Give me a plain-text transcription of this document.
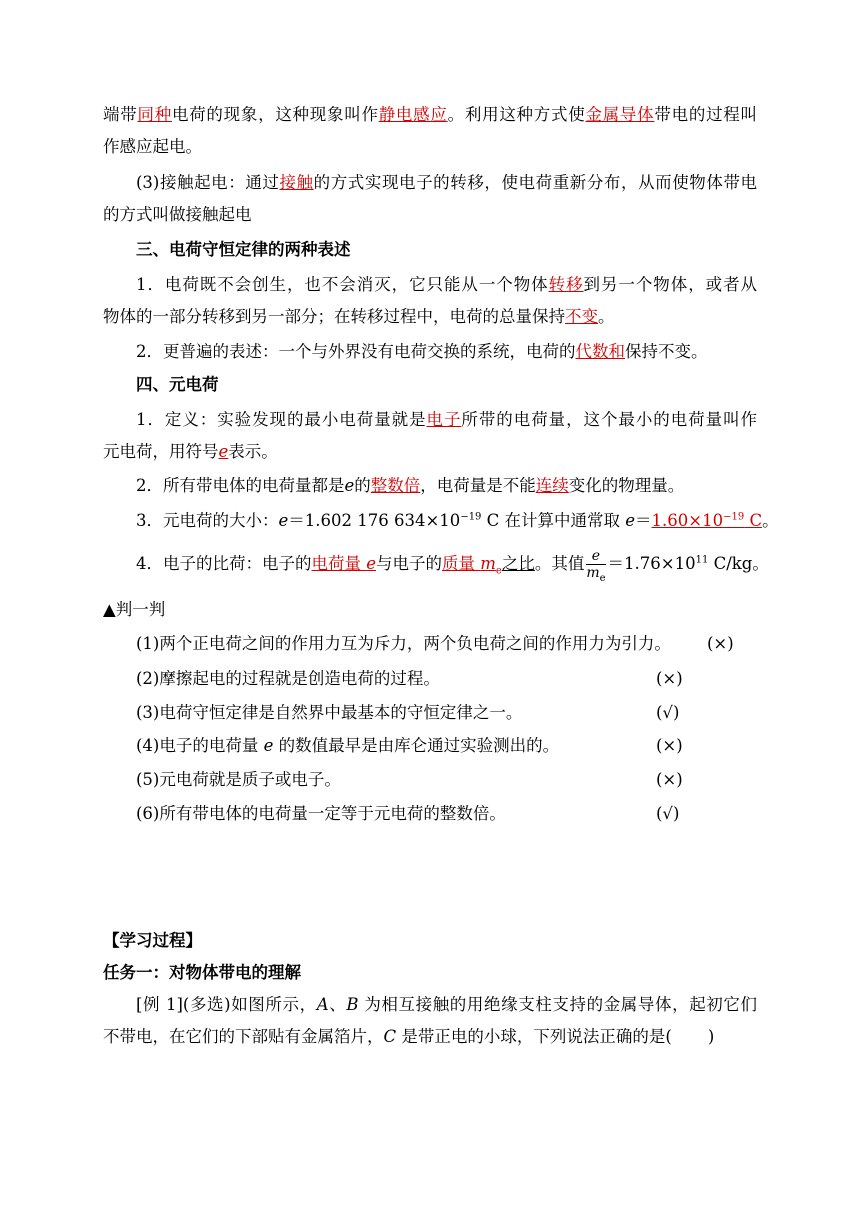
端带同种电荷的现象，这种现象叫作静电感应。利用这种方式使金属导体带电的过程叫
作感应起电。
(3)接触起电：通过接触的方式实现电子的转移，使电荷重新分布，从而使物体带电
的方式叫做接触起电
三、电荷守恒定律的两种表述
1．电荷既不会创生，也不会消灭，它只能从一个物体转移到另一个物体，或者从
物体的一部分转移到另一部分；在转移过程中，电荷的总量保持不变。
2．更普遍的表述：一个与外界没有电荷交换的系统，电荷的代数和保持不变。
四、元电荷
1．定义：实验发现的最小电荷量就是电子所带的电荷量，这个最小的电荷量叫作
元电荷，用符号e表示。
2．所有带电体的电荷量都是e的整数倍，电荷量是不能连续变化的物理量。
3．元电荷的大小：e＝1.602 176 $634\times 10^{-19}$ C 在计算中通常取 $e=1.60\times 10^{-19}$ C。
4．电子的比荷：电子的电荷量 e与电子的质量 $m_e$之比。其值 $\frac{e}{m_e} =1.76\times 10^{11}$ C/kg。
▲判一判
(1)两个正电荷之间的作用力互为斥力，两个负电荷之间的作用力为引力。 (×)
(2)摩擦起电的过程就是创造电荷的过程。	(×)
(3)电荷守恒定律是自然界中最基本的守恒定律之一。	(√)
(4)电子的电荷量 e 的数值最早是由库仑通过实验测出的。	(×)
(5)元电荷就是质子或电子。	(×)
(6)所有带电体的电荷量一定等于元电荷的整数倍。	(√)
【学习过程】
任务一：对物体带电的理解
[例 1](多选)如图所示，A、B 为相互接触的用绝缘支柱支持的金属导体，起初它们
不带电，在它们的下部贴有金属箔片，C 是带正电的小球，下列说法正确的是( )
